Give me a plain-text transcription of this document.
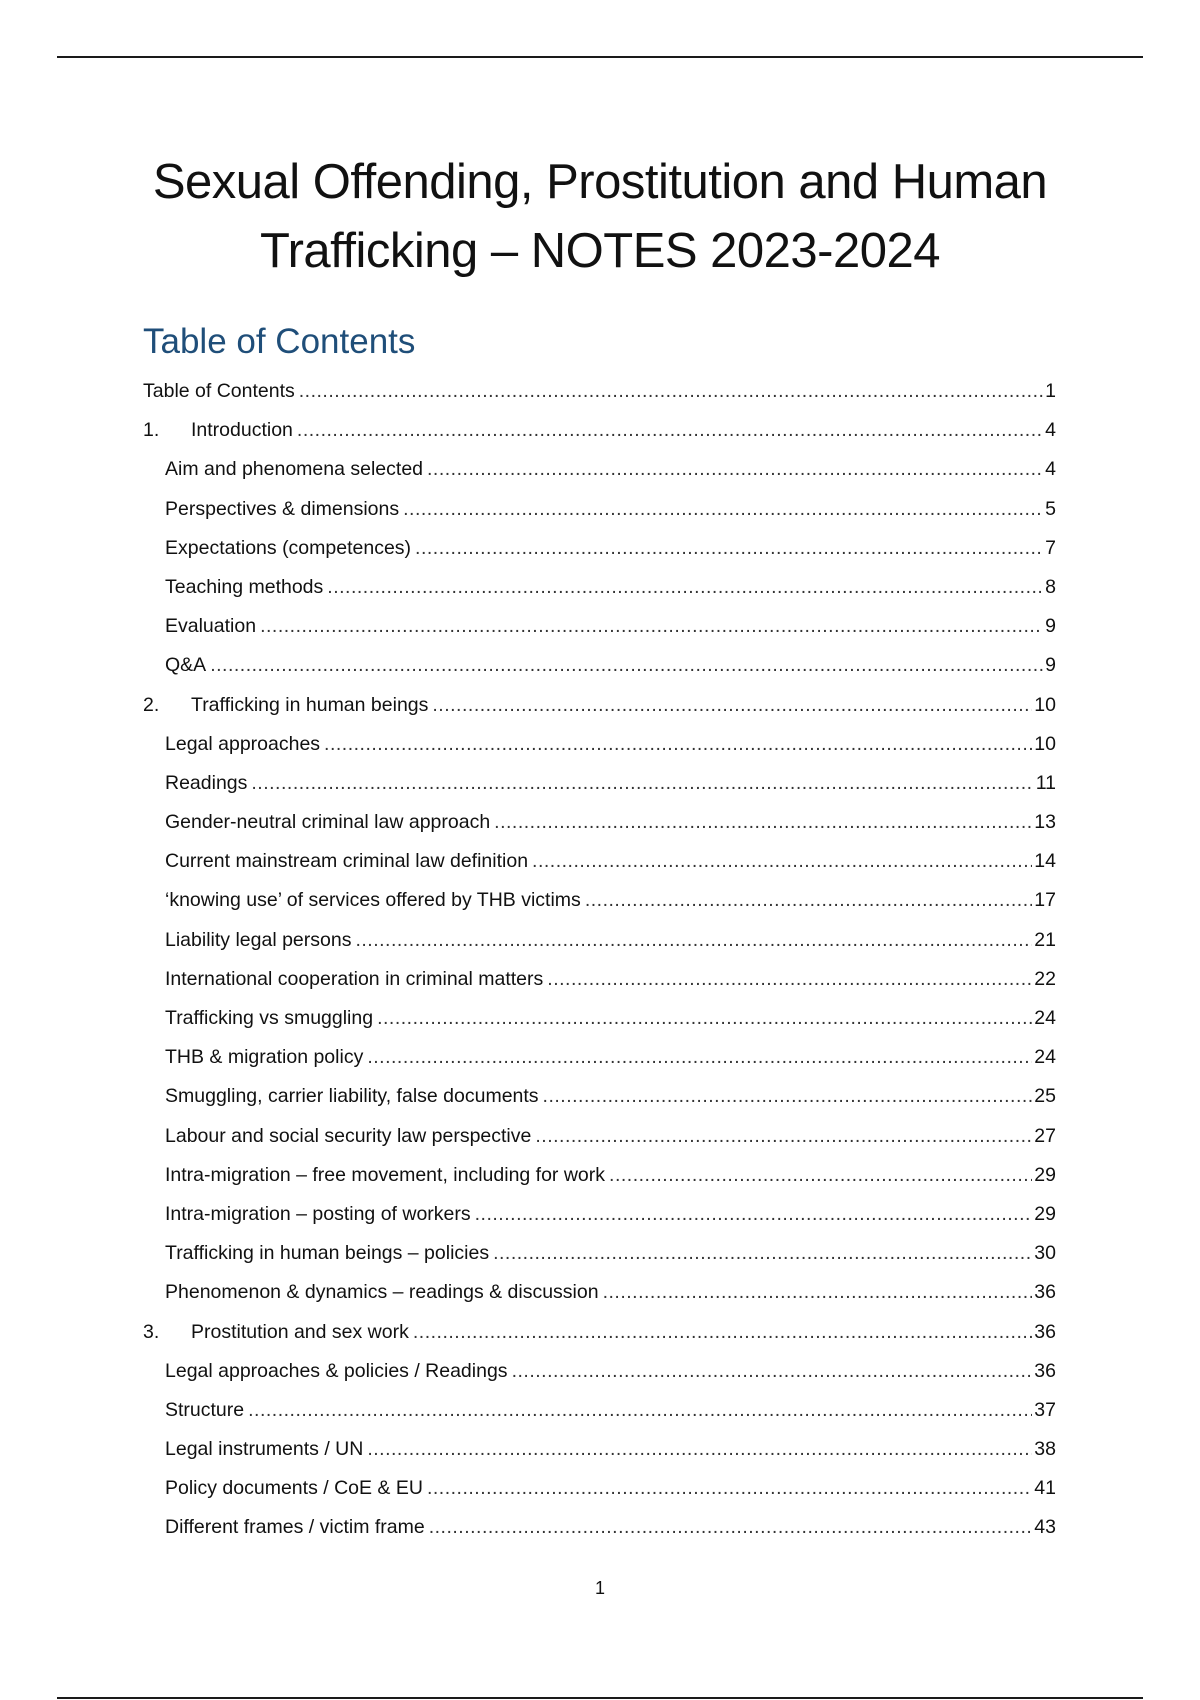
Sexual Offending, Prostitution and Human Trafficking – NOTES 2023-2024
Table of Contents
Table of Contents .....	1
1.	Introduction .....	4
Aim and phenomena selected .....	4
Perspectives & dimensions .....	5
Expectations (competences) .....	7
Teaching methods .....	8
Evaluation .....	9
Q&A .....	9
2.	Trafficking in human beings .....	10
Legal approaches .....	10
Readings .....	11
Gender-neutral criminal law approach .....	13
Current mainstream criminal law definition .....	14
‘knowing use’ of services offered by THB victims .....	17
Liability legal persons .....	21
International cooperation in criminal matters .....	22
Trafficking vs smuggling .....	24
THB & migration policy .....	24
Smuggling, carrier liability, false documents .....	25
Labour and social security law perspective .....	27
Intra-migration – free movement, including for work .....	29
Intra-migration – posting of workers .....	29
Trafficking in human beings – policies .....	30
Phenomenon & dynamics – readings & discussion .....	36
3.	Prostitution and sex work .....	36
Legal approaches & policies / Readings .....	36
Structure .....	37
Legal instruments / UN .....	38
Policy documents / CoE & EU .....	41
Different frames / victim frame .....	43
1
